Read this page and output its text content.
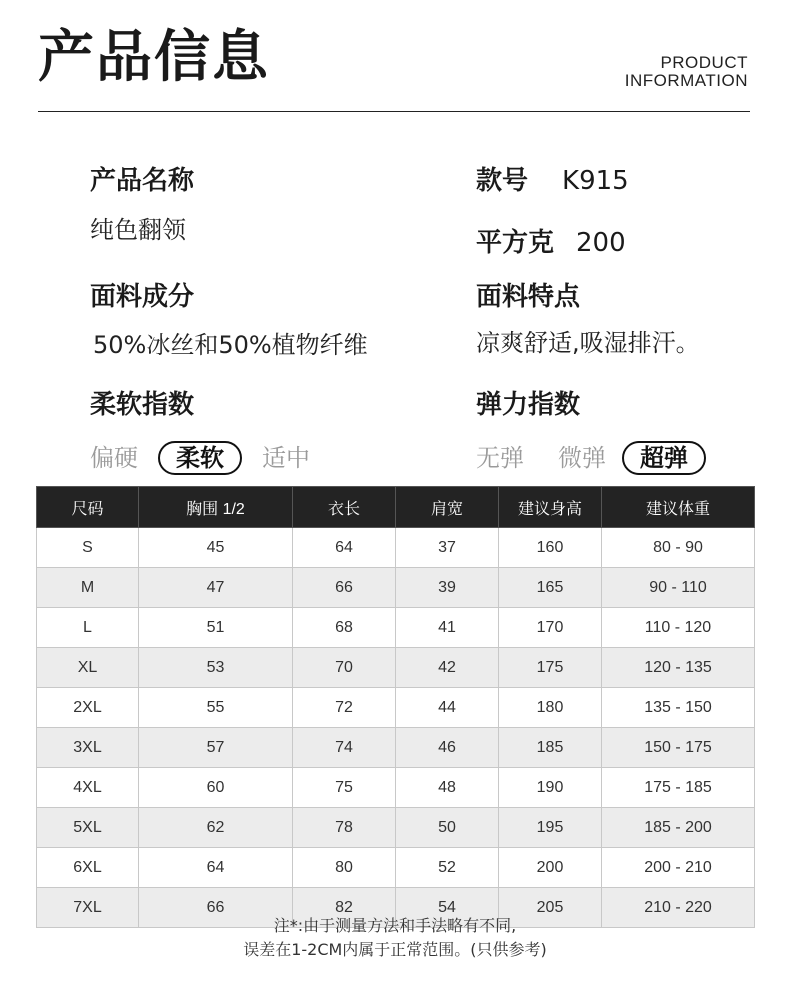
产品信息	PRODUCT
INFORMATION
产品名称
纯色翻领
面料成分
50%冰丝和50%植物纤维
柔软指数
偏硬	柔软	适中
款号 K915
平方克 200
面料特点
凉爽舒适,吸湿排汗。
弹力指数
无弹 微弹	超弹
尺码	胸围 1/2	衣长	肩宽	建议身高	建议体重
S	45	64	37	160	80 - 90
M	47	66	39	165	90 - 110
L	51	68	41	170	110 - 120
XL	53	70	42	175	120 - 135
2XL	55	72	44	180	135 - 150
3XL	57	74	46	185	150 - 175
4XL	60	75	48	190	175 - 185
5XL	62	78	50	195	185 - 200
6XL	64	80	52	200	200 - 210
7XL	66	82	54	205	210 - 220
注*:由于测量方法和手法略有不同,
误差在1-2CM内属于正常范围。(只供参考)
